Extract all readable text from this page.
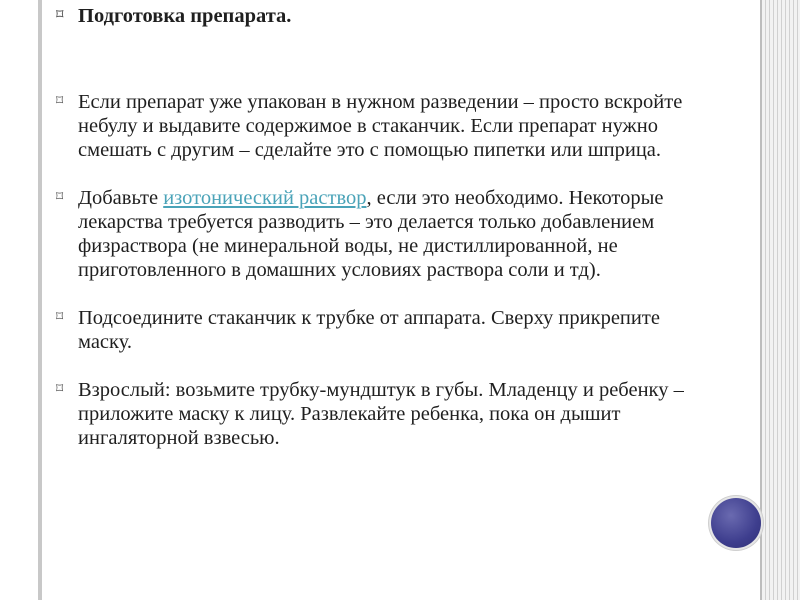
⌑ Подготовка препарата.

⌑ Если препарат уже упакован в нужном разведении – просто вскройте небулу и выдавите содержимое в стаканчик. Если препарат нужно смешать с другим – сделайте это с помощью пипетки или шприца.

⌑ Добавьте изотонический раствор, если это необходимо. Некоторые лекарства требуется разводить – это делается только добавлением физраствора (не минеральной воды, не дистиллированной, не приготовленного в домашних условиях раствора соли и тд).

⌑ Подсоедините стаканчик к трубке от аппарата. Сверху прикрепите маску.

⌑ Взрослый: возьмите трубку-мундштук в губы. Младенцу и ребенку – приложите маску к лицу. Развлекайте ребенка, пока он дышит ингаляторной взвесью.
